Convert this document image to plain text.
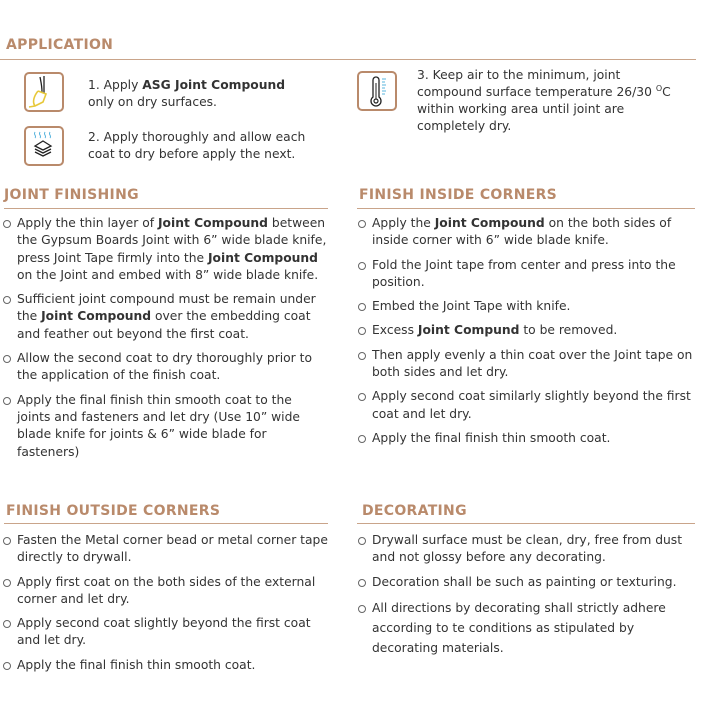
APPLICATION
1. Apply ASG Joint Compound
only on dry surfaces.
2. Apply thoroughly and allow each coat to dry before apply the next.
3. Keep air to the minimum, joint compound surface temperature 26/30 $^O$C within working area until joint are completely dry.
JOINT FINISHING
Apply the thin layer of Joint Compound between the Gypsum Boards Joint with 6” wide blade knife, press Joint Tape firmly into the Joint Compound on the Joint and embed with 8” wide blade knife.
Sufficient joint compound must be remain under the Joint Compound over the embedding coat and feather out beyond the first coat.
Allow the second coat to dry thoroughly prior to the application of the finish coat.
Apply the final finish thin smooth coat to the joints and fasteners and let dry (Use 10” wide blade knife for joints & 6” wide blade for fasteners)
FINISH INSIDE CORNERS
Apply the Joint Compound on the both sides of inside corner with 6” wide blade knife.
Fold the Joint tape from center and press into the position.
Embed the Joint Tape with knife.
Excess Joint Compund to be removed.
Then apply evenly a thin coat over the Joint tape on both sides and let dry.
Apply second coat similarly slightly beyond the first coat and let dry.
Apply the final finish thin smooth coat.
FINISH OUTSIDE CORNERS
Fasten the Metal corner bead or metal corner tape directly to drywall.
Apply first coat on the both sides of the external corner and let dry.
Apply second coat slightly beyond the first coat and let dry.
Apply the final finish thin smooth coat.
DECORATING
Drywall surface must be clean, dry, free from dust and not glossy before any decorating.
Decoration shall be such as painting or texturing.
All directions by decorating shall strictly adhere according to te conditions as stipulated by decorating materials.
